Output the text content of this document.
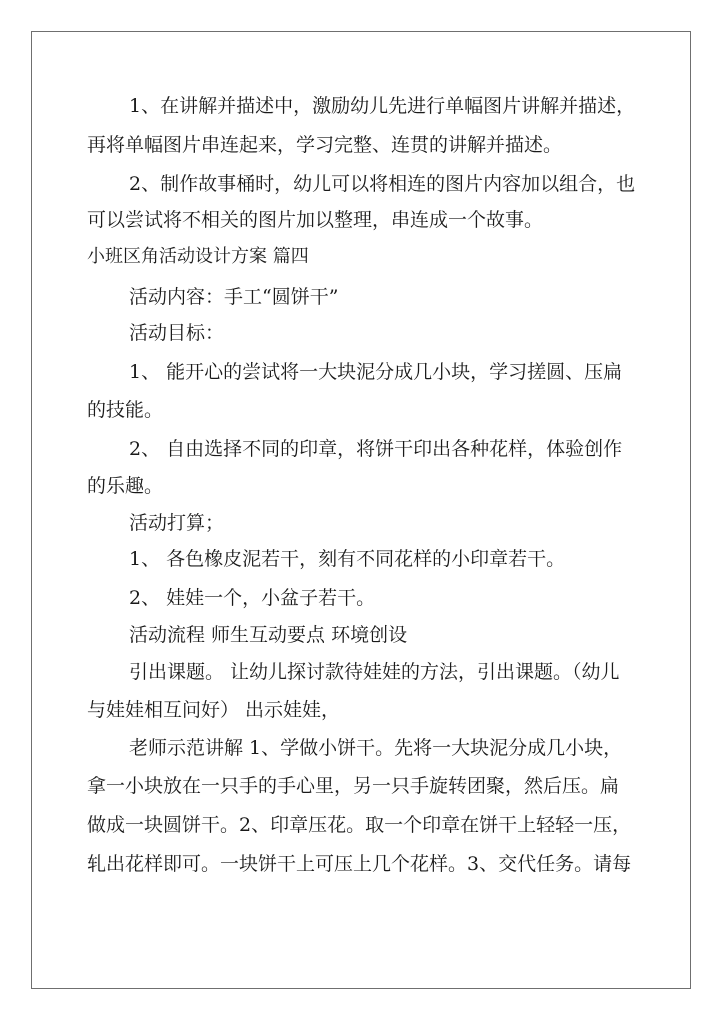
1、在讲解并描述中，激励幼儿先进行单幅图片讲解并描述，
再将单幅图片串连起来，学习完整、连贯的讲解并描述。
2、制作故事桶时，幼儿可以将相连的图片内容加以组合，也
可以尝试将不相关的图片加以整理，串连成一个故事。
小班区角活动设计方案 篇四
活动内容：手工“圆饼干”
活动目标：
1、 能开心的尝试将一大块泥分成几小块，学习搓圆、压扁
的技能。
2、 自由选择不同的印章，将饼干印出各种花样，体验创作
的乐趣。
活动打算；
1、 各色橡皮泥若干，刻有不同花样的小印章若干。
2、 娃娃一个，小盆子若干。
活动流程 师生互动要点 环境创设
引出课题。 让幼儿探讨款待娃娃的方法，引出课题。（幼儿
与娃娃相互问好） 出示娃娃，
老师示范讲解 1、学做小饼干。先将一大块泥分成几小块，
拿一小块放在一只手的手心里，另一只手旋转团聚，然后压。扁
做成一块圆饼干。2、印章压花。取一个印章在饼干上轻轻一压，
轧出花样即可。一块饼干上可压上几个花样。3、交代任务。请每
